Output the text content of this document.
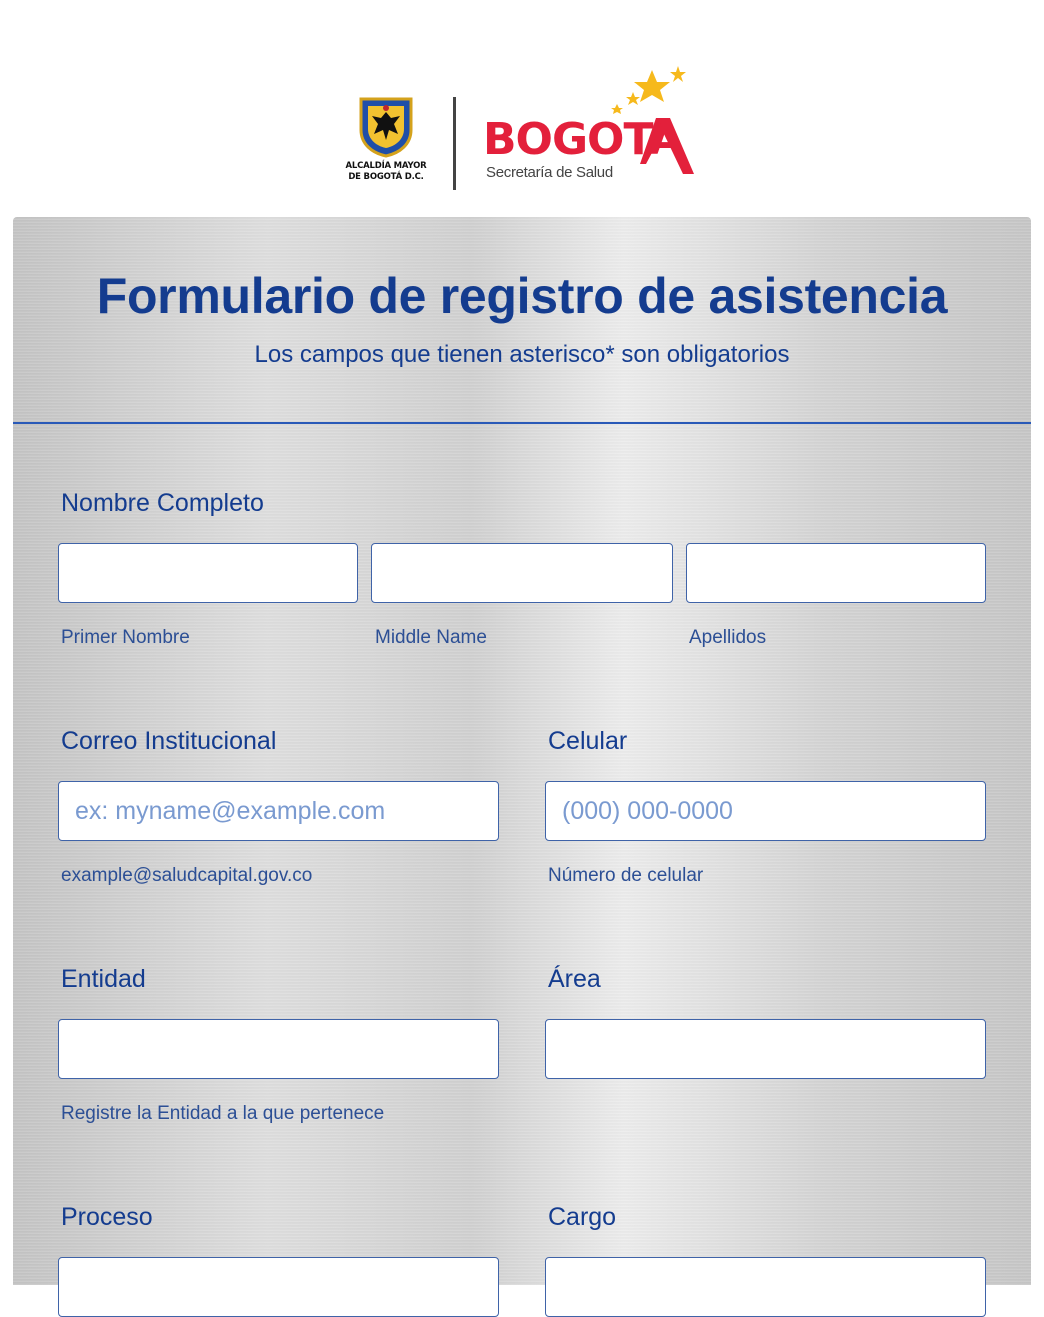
ALCALDÍA MAYOR
DE BOGOTÁ D.C.
BOGOTA
Secretaría de Salud
Formulario de registro de asistencia
Los campos que tienen asterisco* son obligatorios
Nombre Completo
Primer Nombre	Middle Name	Apellidos
Correo Institucional
ex: myname@example.com
example@saludcapital.gov.co
Celular
(000) 000-0000
Número de celular
Entidad
Registre la Entidad a la que pertenece
Área
Proceso	Cargo
